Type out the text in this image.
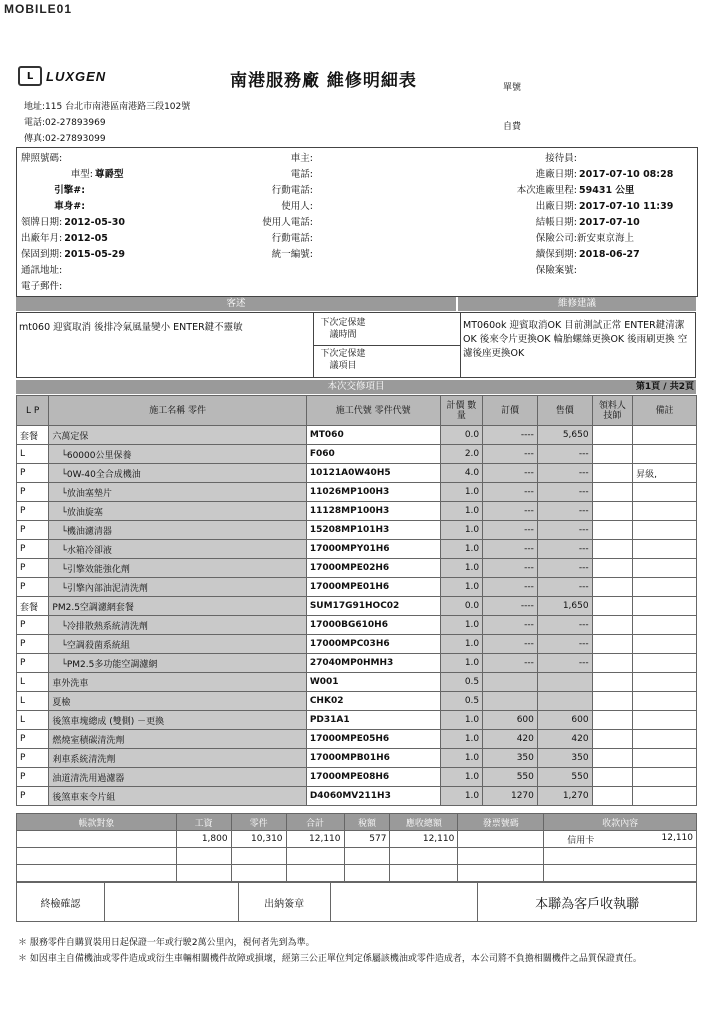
MOBILE01
L LUXGEN	南港服務廠 維修明細表	單號
自費
地址:115 台北市南港區南港路三段102號
電話:02-27893969
傳真:02-27893099
牌照號碼:
車型: 尊爵型
引擎#:
車身#:
領牌日期: 2012-05-30
出廠年月: 2012-05
保固到期: 2015-05-29
通訊地址:
電子郵件:
車主:
電話:
行動電話:
使用人:
使用人電話:
行動電話:
統一編號:
接待員:
進廠日期: 2017-07-10 08:28
本次進廠里程: 59431 公里
出廠日期: 2017-07-10 11:39
結帳日期: 2017-07-10
保險公司:新安東京海上
續保到期: 2018-06-27
保險案號:
客述	維修建議
mt060 迎賓取消 後排冷氣風量變小 ENTER鍵不靈敏	下次定保建議時間
下次定保建議項目
MT060ok 迎賓取消OK 目前測試正常 ENTER鍵清潔OK 後來令片更換OK 輪胎螺絲更換OK 後雨刷更換 空濾後座更換OK
本次交修項目	第1頁 / 共2頁
L P	施工名稱 零件	施工代號 零件代號	計價 數量	訂價	售價	領料人 技師	備註
套餐	六萬定保	MT060	0.0	----	5,650		
L	└60000公里保養	F060	2.0	---	---		
P	└0W-40全合成機油	10121A0W40H5	4.0	---	---		昇級,
P	└放油塞墊片	11026MP100H3	1.0	---	---		
P	└放油旋塞	11128MP100H3	1.0	---	---		
P	└機油濾清器	15208MP101H3	1.0	---	---		
P	└水箱冷卻液	17000MPY01H6	1.0	---	---		
P	└引擎效能強化劑	17000MPE02H6	1.0	---	---		
P	└引擎內部油泥清洗劑	17000MPE01H6	1.0	---	---		
套餐	PM2.5空調濾網套餐	SUM17G91HOC02	0.0	----	1,650		
P	└冷排散熱系統清洗劑	17000BG610H6	1.0	---	---		
P	└空調殺菌系統組	17000MPC03H6	1.0	---	---		
P	└PM2.5多功能空調濾網	27040MP0HMH3	1.0	---	---		
L	車外洗車	W001	0.5				
L	夏檢	CHK02	0.5				
L	後煞車塊總成 (雙側) －更換	PD31A1	1.0	600	600		
P	燃燒室積碳清洗劑	17000MPE05H6	1.0	420	420		
P	剎車系統清洗劑	17000MPB01H6	1.0	350	350		
P	油道清洗用過濾器	17000MPE08H6	1.0	550	550		
P	後煞車來令片組	D4060MV211H3	1.0	1270	1,270		
帳款對象	工資	零件	合計	稅額	應收總額	發票號碼	收款內容
	1,800	10,310	12,110	577	12,110		信用卡 12,110

終檢確認		出納簽章		本聯為客戶收執聯
＊ 服務零件自購買裝用日起保證一年或行駛2萬公里內，視何者先到為準。
＊ 如因車主自備機油或零件造成或衍生車輛相關機件故障或損壞，經第三公正單位判定係屬該機油或零件造成者，本公司將不負擔相關機件之品質保證責任。
